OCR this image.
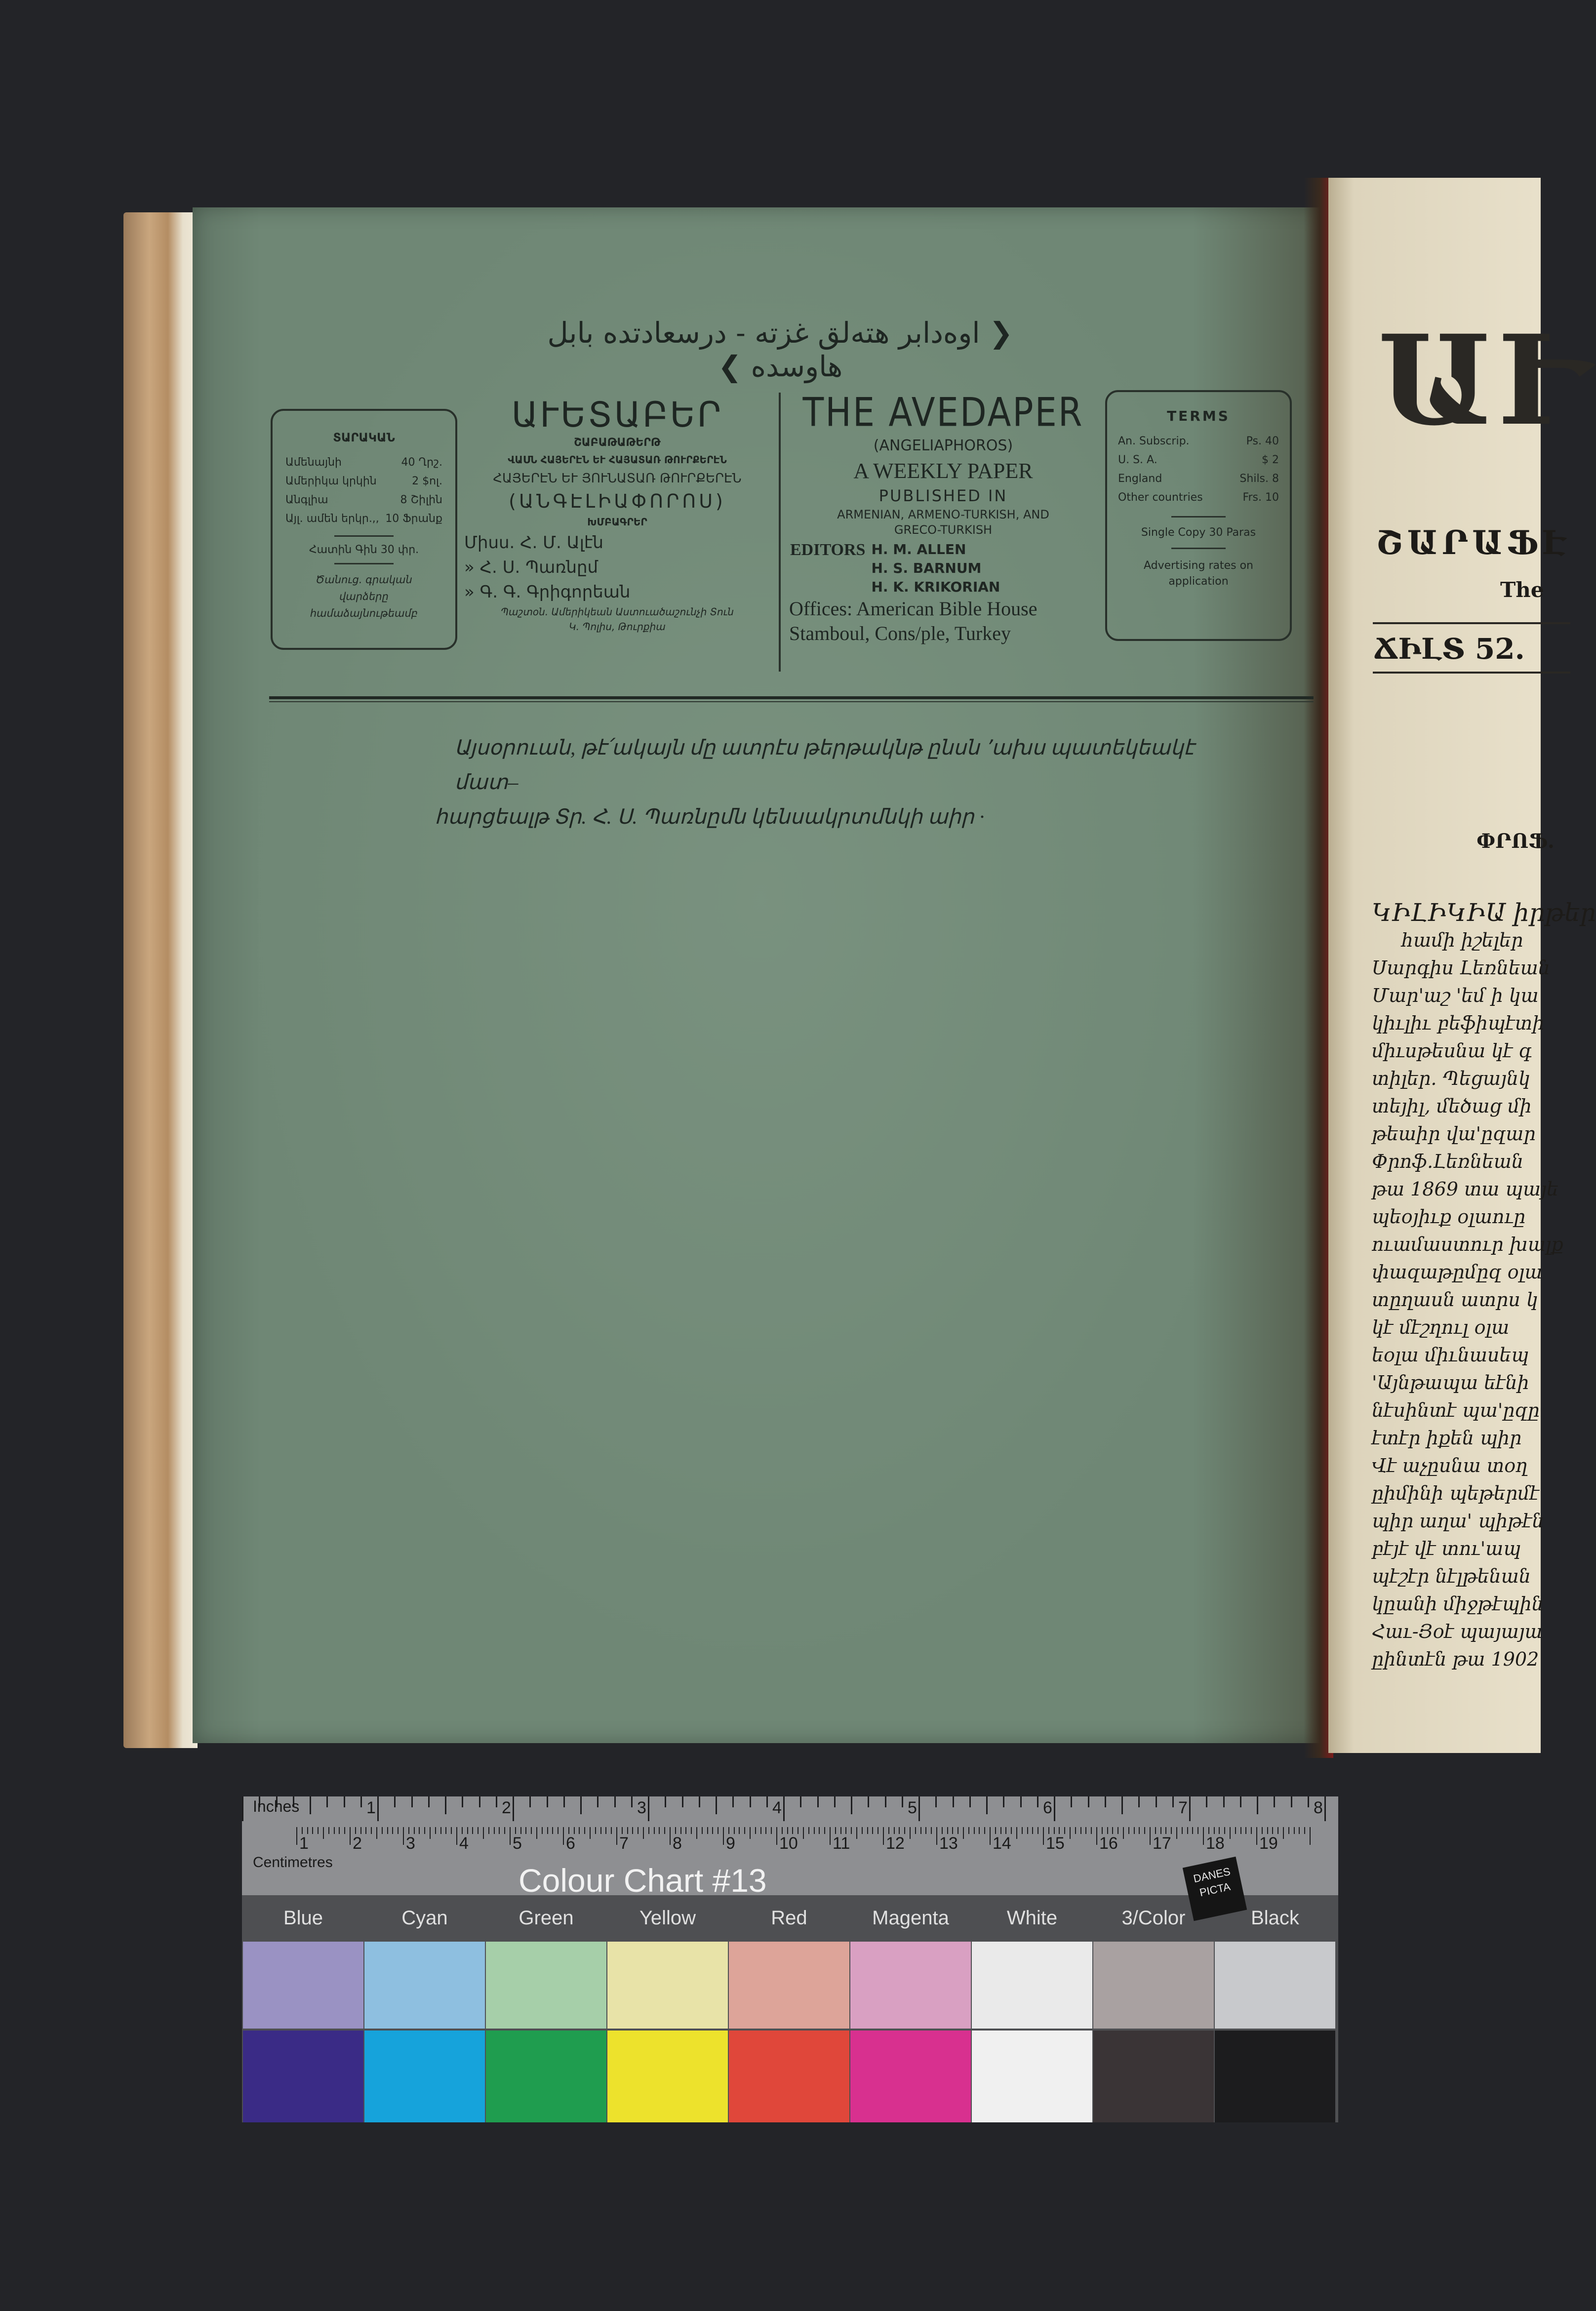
❮ اوەدابر هتەلق غزتە - درسعادتدە بابل هاوسدە ❯
ՏԱՐԱԿԱՆ
Ամենայնի	40 Ղրշ.
Ամերիկա կրկին	2 $ոլ.
Անգլիա	8 Շիլին
Այլ. ամեն երկր.,, 10 Ֆրանք
Հատին Գին 30 փր.
Ծանուց. գրական վարձերը համաձայնութեամբ
ԱՒԵՏԱԲԵՐ
ՇԱԲԱԹԱԹԵՐԹ
ՎԱՍՆ ՀԱՅԵՐԷՆ ԵՒ ՀԱՅԱՏԱՌ ԹՈՒՐՔԵՐԷՆ
ՀԱՅԵՐԷՆ ԵՒ ՅՈՒՆԱՏԱՌ ԹՈՒՐՔԵՐԷՆ
(ԱՆԳԷԼԻԱՓՈՐՈՍ)
ԽՄԲԱԳՐԵՐ
Միսս. Հ. Մ. Ալէն
» Հ. Ս. Պառնըմ
» Գ. Գ. Գրիգորեան
Պաշտօն. Ամերիկեան Աստուածաշունչի Տուն
Կ. Պոլիս, Թուրքիա
THE AVEDAPER
(ANGELIAPHOROS)
A WEEKLY PAPER
PUBLISHED IN
ARMENIAN, ARMENO-TURKISH, AND
GRECO-TURKISH
EDITORS H. M. ALLEN
H. S. BARNUM
H. K. KRIKORIAN
Offices: American Bible House
Stamboul, Cons/ple, Turkey
TERMS
An. Subscrip.	Ps. 40
U. S. A.	$ 2
England	Shils. 8
Other countries	Frs. 10
Single Copy 30 Paras
Advertising rates on
application
Այսօրուան, թէ՛ակայն մը ատրէս թերթակնթ ընսն ՚ախս պատեկեակէ մատ–
հարցեալթ Տր. Հ. Ս. Պառնըմն կենսակրտմնկի աիր ·
ԱՒ
ՇԱՐԱՖԷ
The
ՃԻԼՏ 52.
ՓՐՈՖ.
ԿԻԼԻԿԻԱ իրթեր
համի իշելեր
Սարգիս Լեռնեան
Մար'աշ 'եմ ի կա
կիւլիւ բեֆիպէտի
միւսթեսնա կէ գ
տիլեր. Պեցայնկ
տեյիլ, մեծաց մի
թեաիր վա'ըզար
Փրոֆ.Լեռնեան
թա 1869 տա պայե
պեօյիւք օլաուը
ուամաստուր խալք
փազաթըմըզ օլա
տըղասն ատրս կ
կէ մէշղուլ օլա
եօլա միւնասեպ
'Այնթապա եէնի
նէսինտէ պա'ըզը
էտէր իքեն պիր
Վէ աչըսնա տօղ
ըիմինի պեթերմէ
պիր աղա' պիթէն
բէյէ վէ տու'ապ
պէշէր նէլթենան
կըանի միջթէպին
Հաւ-Յօէ պայայա
ըինտէն թա 1902
1	2	3	4	5	6	7	8
1	2	3	4	5	6	7	8	9	10 11 12 13 14 15 16 17 18 19
Inches
Centimetres	Colour Chart #13	DANES PICTA
Blue	Cyan	Green	Yellow	Red	Magenta	White	3/Color	Black
